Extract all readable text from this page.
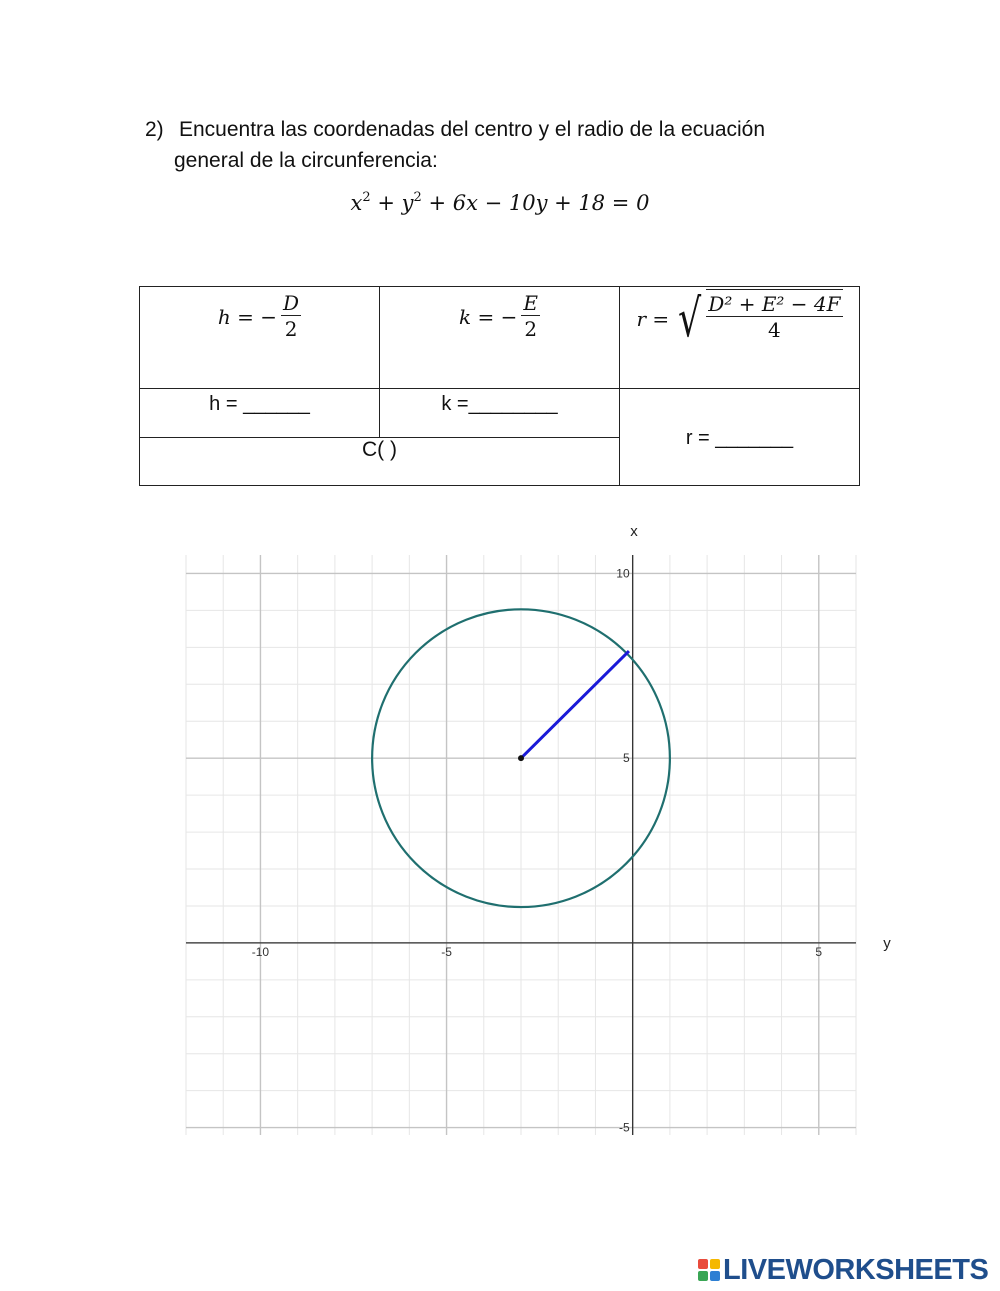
2) Encuentra las coordenadas del centro y el radio de la ecuación
general de la circunferencia:
$x^2 + y^2 + 6x - 10y + 18 = 0$
h = − $\frac{D}{2}$	k = − $\frac{E}{2}$	r = √ $\frac{\text{D² + E² − 4F}}{4}$

h = ______	k =________	r = _______
C( )		
-10	-5	5
10
5
-5
x
y
LIVEWORKSHEETS
